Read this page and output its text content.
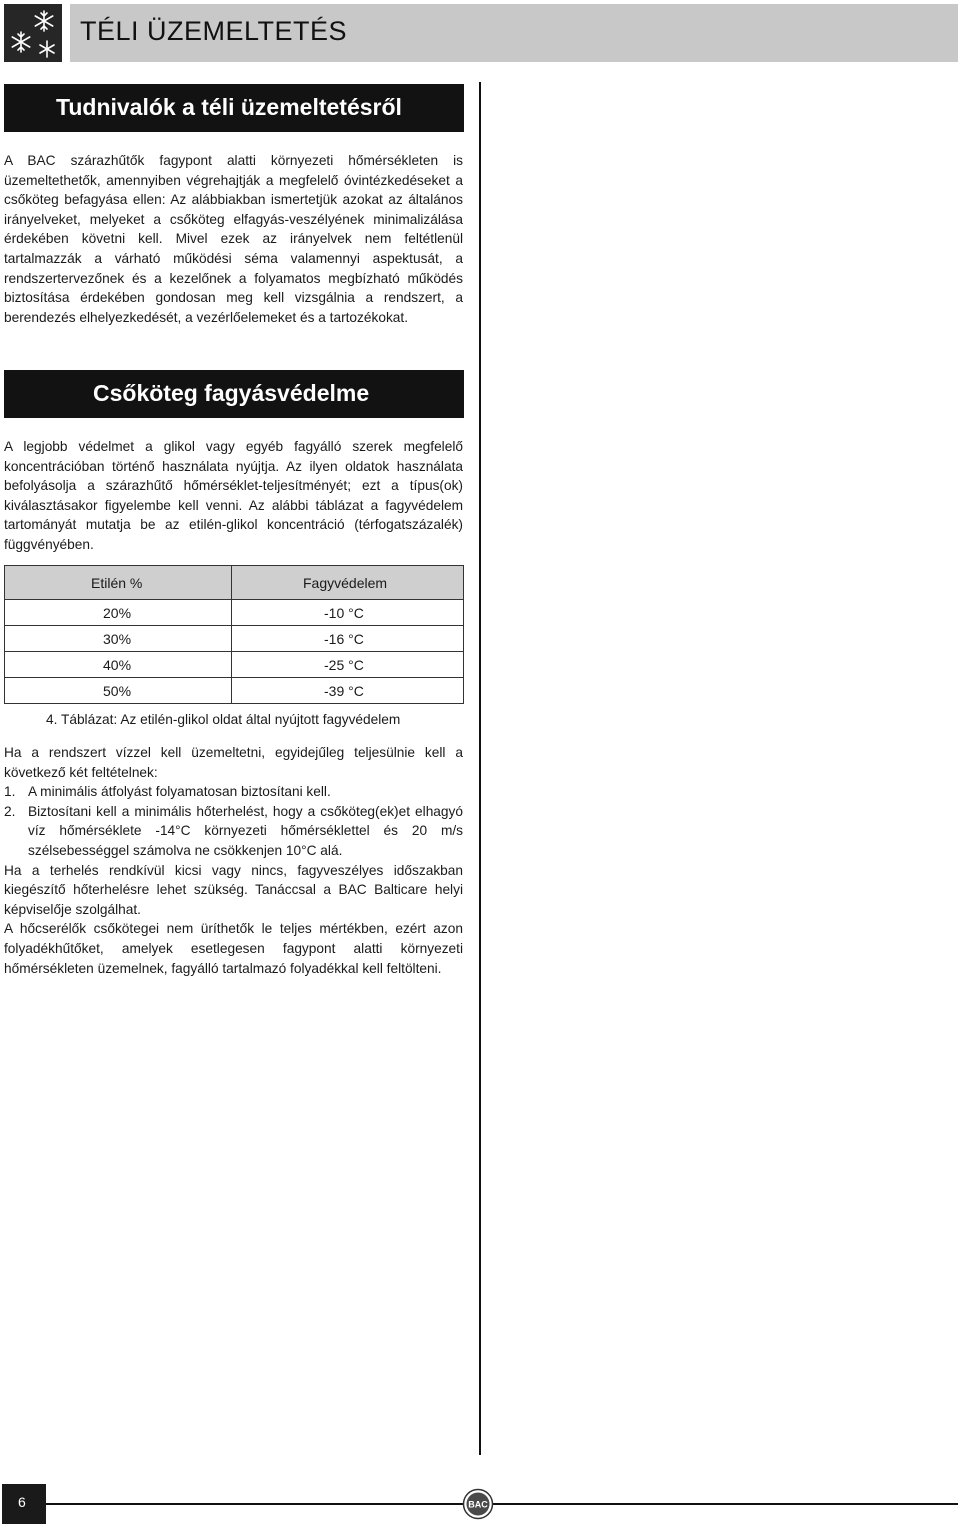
TÉLI ÜZEMELTETÉS
Tudnivalók a téli üzemeltetésről

A BAC szárazhűtők fagypont alatti környezeti hőmérsékleten is üzemeltethetők, amennyiben végrehajtják a megfelelő óvintézkedéseket a csőköteg befagyása ellen: Az alábbiakban ismertetjük azokat az általános irányelveket, melyeket a csőköteg elfagyás-veszélyének minimalizálása érdekében követni kell. Mivel ezek az irányelvek nem feltétlenül tartalmazzák a várható működési séma valamennyi aspektusát, a rendszertervezőnek és a kezelőnek a folyamatos megbízható működés biztosítása érdekében gondosan meg kell vizsgálnia a rendszert, a berendezés elhelyezkedését, a vezérlőelemeket és a tartozékokat.

Csőköteg fagyásvédelme

A legjobb védelmet a glikol vagy egyéb fagyálló szerek megfelelő koncentrációban történő használata nyújtja. Az ilyen oldatok használata befolyásolja a szárazhűtő hőmérséklet-teljesítményét; ezt a típus(ok) kiválasztásakor figyelembe kell venni. Az alábbi táblázat a fagyvédelem tartományát mutatja be az etilén-glikol koncentráció (térfogatszázalék) függvényében.

Etilén %	Fagyvédelem
20%	-10 °C
30%	-16 °C
40%	-25 °C
50%	-39 °C
4. Táblázat: Az etilén-glikol oldat által nyújtott fagyvédelem

Ha a rendszert vízzel kell üzemeltetni, egyidejűleg teljesülnie kell a következő két feltételnek:

1. A minimális átfolyást folyamatosan biztosítani kell.
2. Biztosítani kell a minimális hőterhelést, hogy a csőköteg(ek)et elhagyó víz hőmérséklete -14°C környezeti hőmérséklettel és 20 m/s szélsebességgel számolva ne csökkenjen 10°C alá.

Ha a terhelés rendkívül kicsi vagy nincs, fagyveszélyes időszakban kiegészítő hőterhelésre lehet szükség. Tanáccsal a BAC Balticare helyi képviselője szolgálhat.

A hőcserélők csőkötegei nem üríthetők le teljes mértékben, ezért azon folyadékhűtőket, amelyek esetlegesen fagypont alatti környezeti hőmérsékleten üzemelnek, fagyálló tartalmazó folyadékkal kell feltölteni.

6	BAC
